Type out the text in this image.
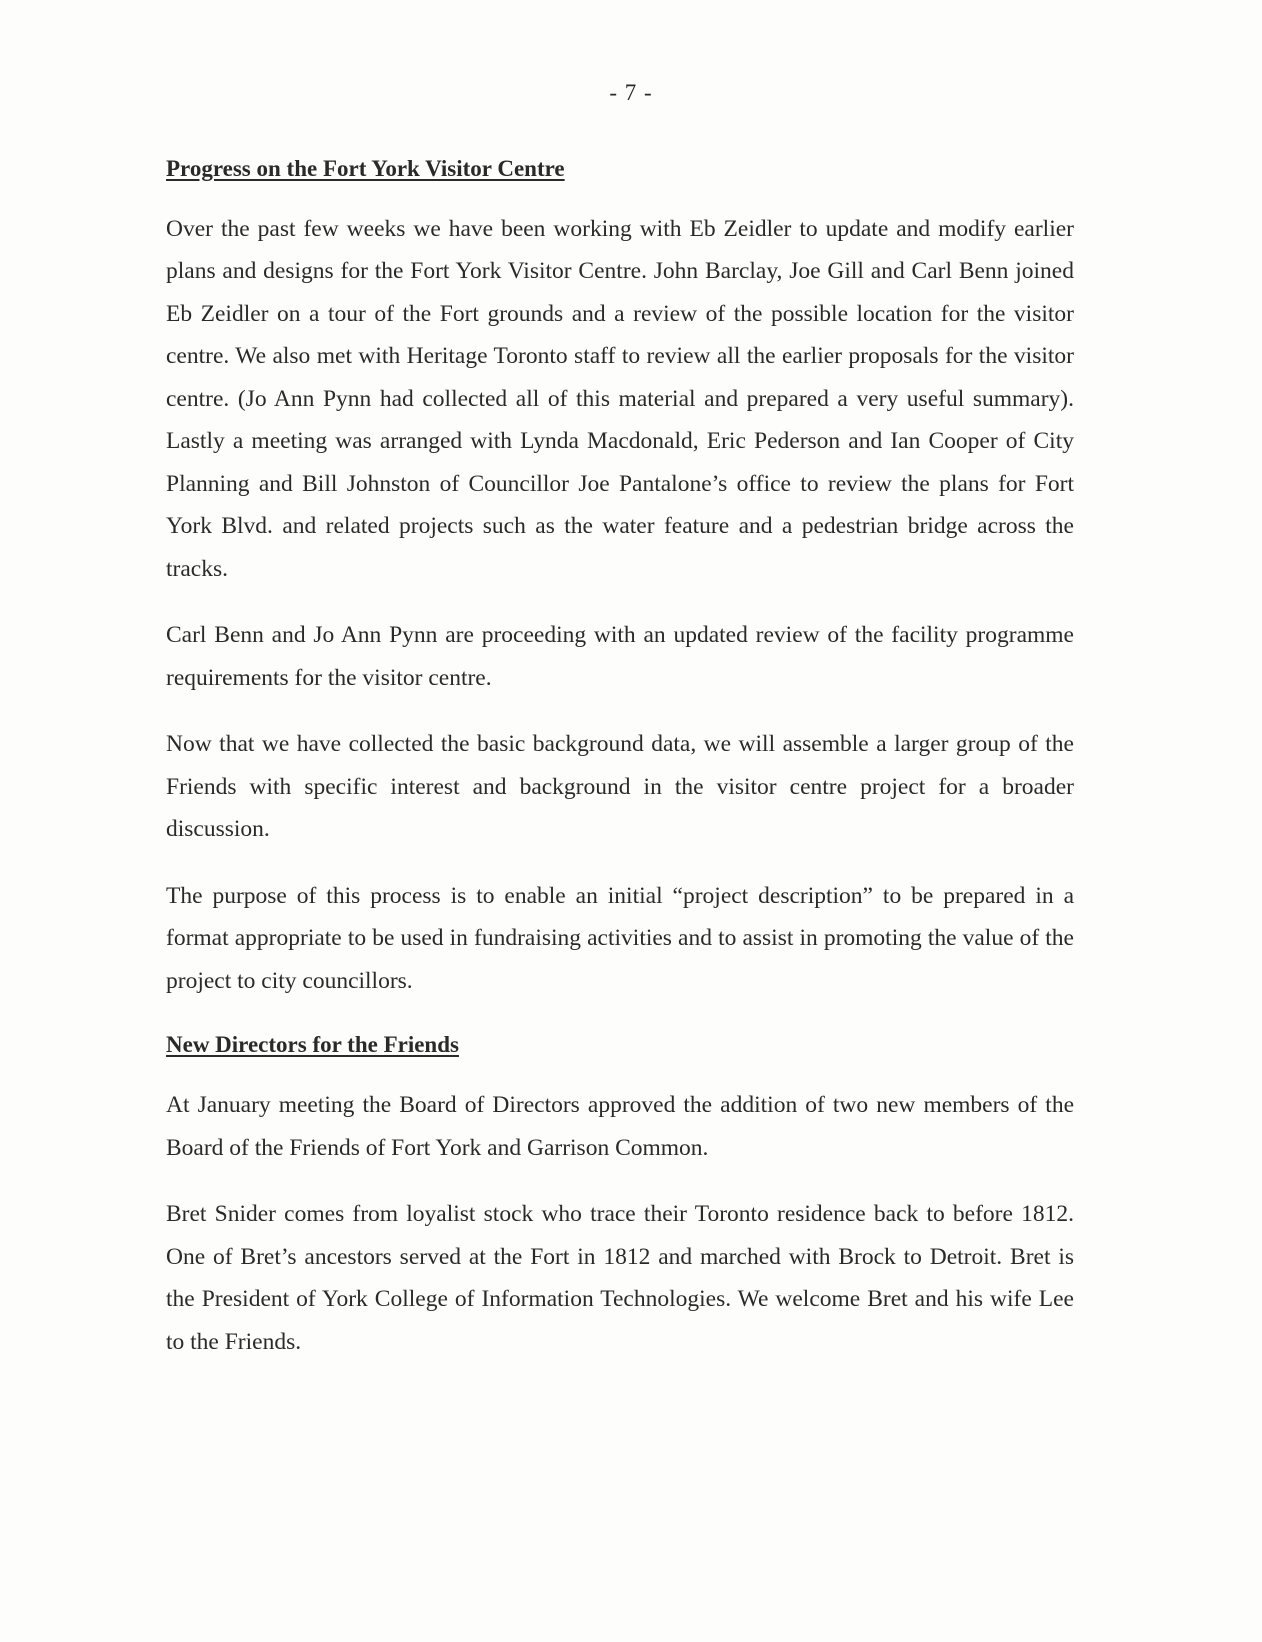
- 7 -
Progress on the Fort York Visitor Centre

Over the past few weeks we have been working with Eb Zeidler to update and modify earlier plans and designs for the Fort York Visitor Centre. John Barclay, Joe Gill and Carl Benn joined Eb Zeidler on a tour of the Fort grounds and a review of the possible location for the visitor centre. We also met with Heritage Toronto staff to review all the earlier proposals for the visitor centre. (Jo Ann Pynn had collected all of this material and prepared a very useful summary). Lastly a meeting was arranged with Lynda Macdonald, Eric Pederson and Ian Cooper of City Planning and Bill Johnston of Councillor Joe Pantalone’s office to review the plans for Fort York Blvd. and related projects such as the water feature and a pedestrian bridge across the tracks.

Carl Benn and Jo Ann Pynn are proceeding with an updated review of the facility programme requirements for the visitor centre.

Now that we have collected the basic background data, we will assemble a larger group of the Friends with specific interest and background in the visitor centre project for a broader discussion.

The purpose of this process is to enable an initial “project description” to be prepared in a format appropriate to be used in fundraising activities and to assist in promoting the value of the project to city councillors.

New Directors for the Friends

At January meeting the Board of Directors approved the addition of two new members of the Board of the Friends of Fort York and Garrison Common.

Bret Snider comes from loyalist stock who trace their Toronto residence back to before 1812. One of Bret’s ancestors served at the Fort in 1812 and marched with Brock to Detroit. Bret is the President of York College of Information Technologies. We welcome Bret and his wife Lee to the Friends.
